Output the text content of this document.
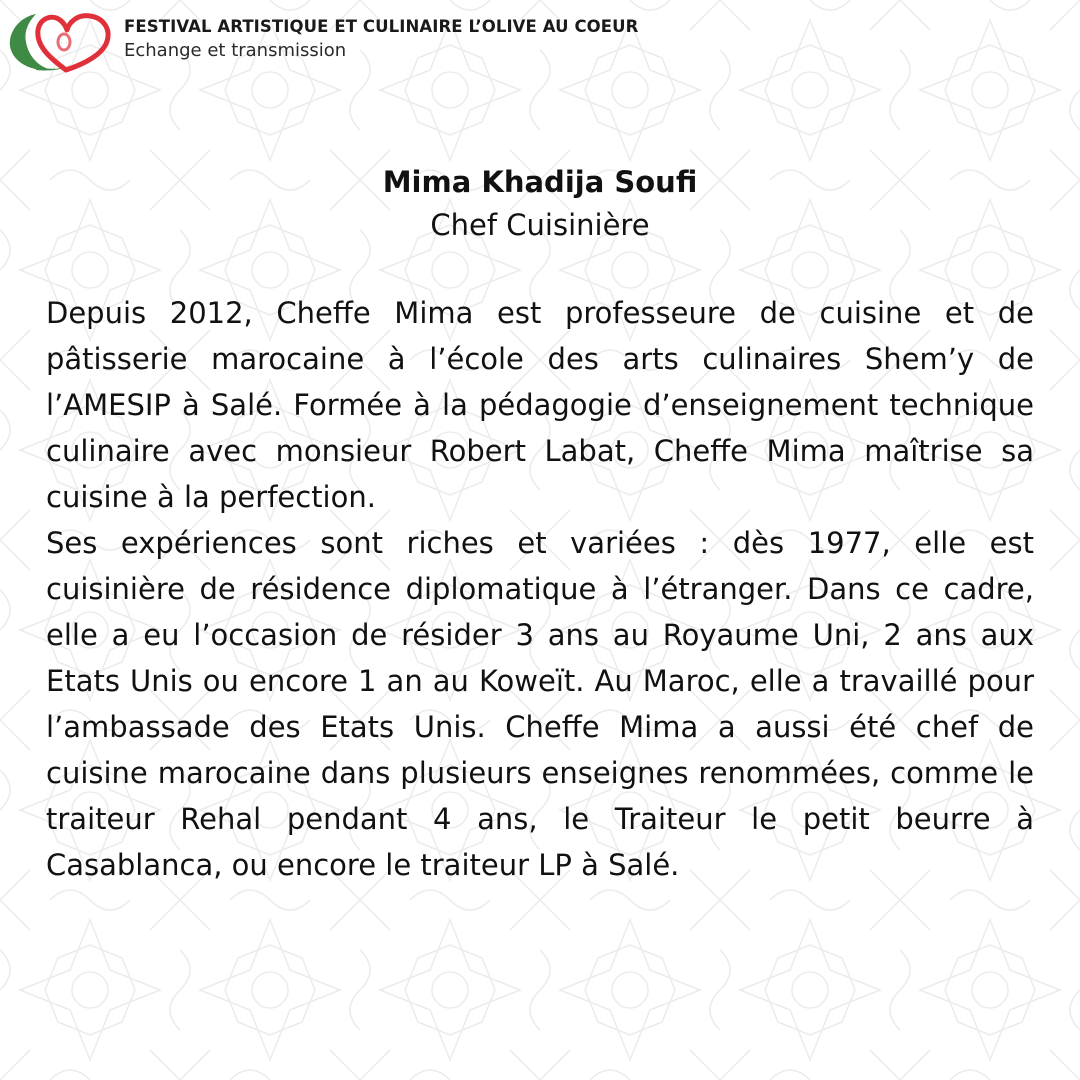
FESTIVAL ARTISTIQUE ET CULINAIRE L’OLIVE AU COEUR
Echange et transmission
Mima Khadija Soufi
Chef Cuisinière

Depuis 2012, Cheffe Mima est professeure de cuisine et de pâtisserie marocaine à l’école des arts culinaires Shem’y de l’AMESIP à Salé. Formée à la pédagogie d’enseignement technique culinaire avec monsieur Robert Labat, Cheffe Mima maîtrise sa cuisine à la perfection.

Ses expériences sont riches et variées : dès 1977, elle est cuisinière de résidence diplomatique à l’étranger. Dans ce cadre, elle a eu l’occasion de résider 3 ans au Royaume Uni, 2 ans aux Etats Unis ou encore 1 an au Koweït. Au Maroc, elle a travaillé pour l’ambassade des Etats Unis. Cheffe Mima a aussi été chef de cuisine marocaine dans plusieurs enseignes renommées, comme le traiteur Rehal pendant 4 ans, le Traiteur le petit beurre à Casablanca, ou encore le traiteur LP à Salé.
